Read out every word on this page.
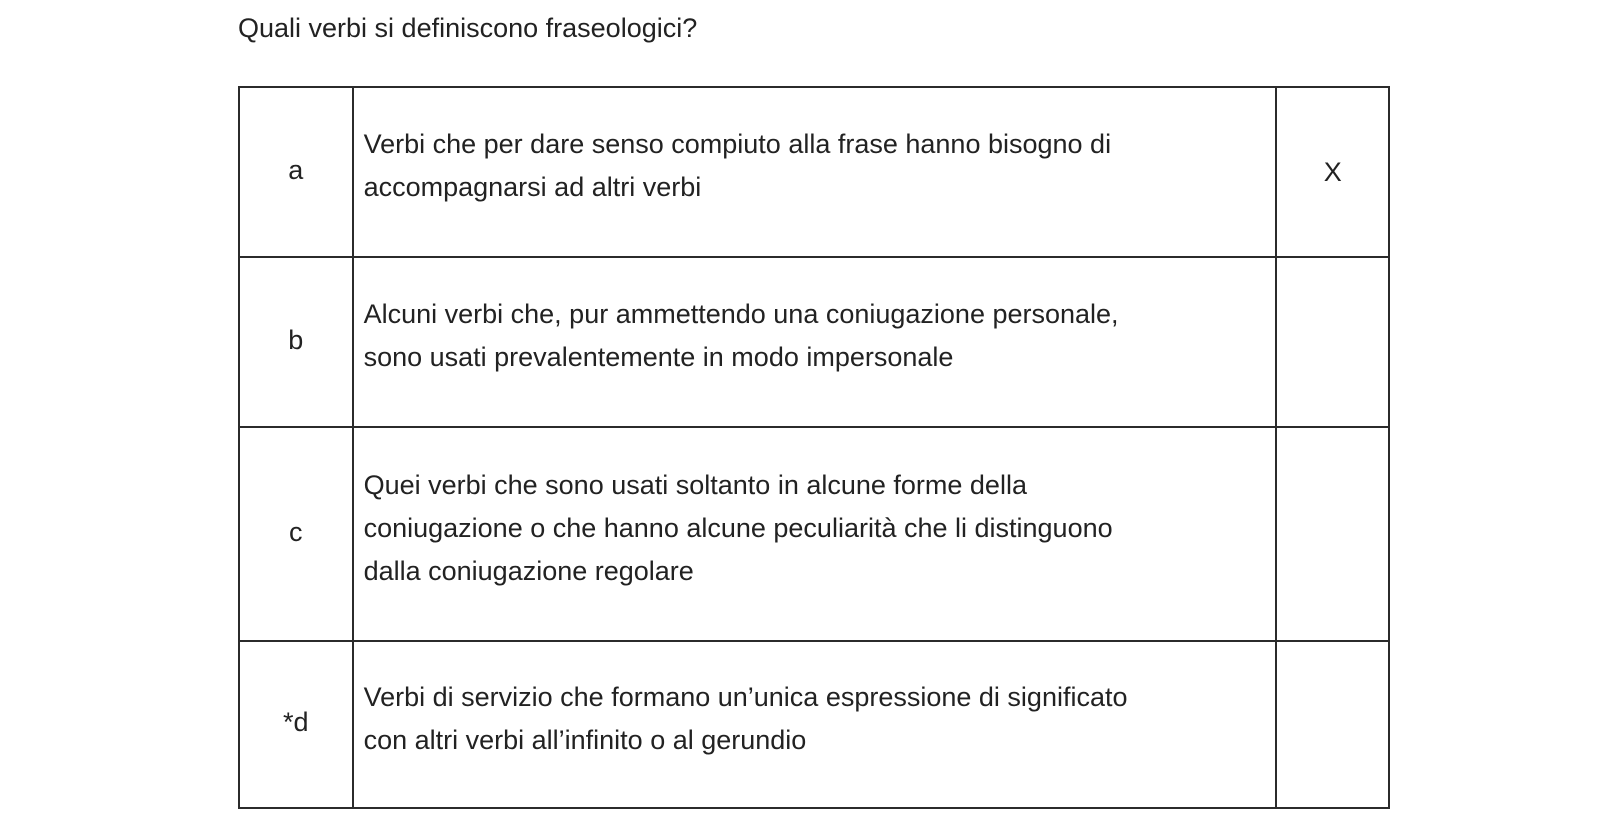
Quali verbi si definiscono fraseologici?
a	Verbi che per dare senso compiuto alla frase hanno bisogno di
accompagnarsi ad altri verbi	X
b	Alcuni verbi che, pur ammettendo una coniugazione personale,
sono usati prevalentemente in modo impersonale	

c	Quei verbi che sono usati soltanto in alcune forme della
coniugazione o che hanno alcune peculiarità che li distinguono
dalla coniugazione regolare	

*d	Verbi di servizio che formano un’unica espressione di significato
con altri verbi all’infinito o al gerundio	
